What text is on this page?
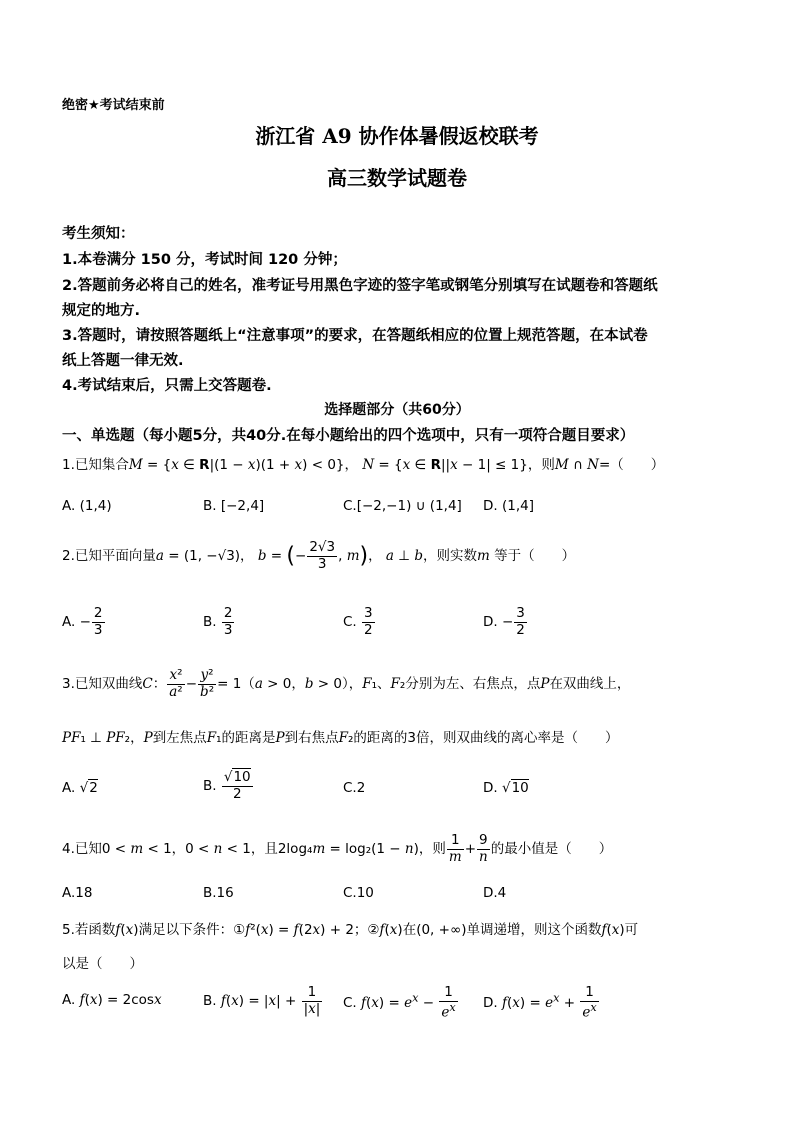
绝密★考试结束前
浙江省 A9 协作体暑假返校联考
高三数学试题卷
考生须知：
1.本卷满分 150 分，考试时间 120 分钟；
2.答题前务必将自己的姓名，准考证号用黑色字迹的签字笔或钢笔分别填写在试题卷和答题纸
规定的地方.
3.答题时，请按照答题纸上“注意事项”的要求，在答题纸相应的位置上规范答题，在本试卷
纸上答题一律无效.
4.考试结束后，只需上交答题卷.
选择题部分（共60分）
一、单选题（每小题5分，共40分.在每小题给出的四个选项中，只有一项符合题目要求）
1.已知集合M = {x ∈ R|(1 − x)(1 + x) < 0}， N = {x ∈ R||x − 1| ≤ 1}，则M ∩ N=（　　）
A. (1,4)	B. [−2,4]	C.[−2,−1) ∪ (1,4] D. (1,4]
2.已知平面向量a = (1, −√3)， b = (− $\frac{2√3}{3}$ , m)， a ⊥ b，则实数m 等于（　　）
A. − $\frac{2}{3}$	B. $\frac{2}{3}$	C. $\frac{3}{2}$	D. − $\frac{3}{2}$
3.已知双曲线C： $\frac{\text{x²}}{\text{a²}} - \frac{\text{y²}}{\text{b²}} = 1(a > 0$，b > 0），F₁、F₂分别为左、右焦点，点P在双曲线上，
PF₁ ⊥ PF₂，P到左焦点F₁的距离是P到右焦点F₂的距离的3倍，则双曲线的离心率是（　　）
A. √2	B. $\frac{√10}{2}$	C.2	D. √10
4.已知0 < m < 1，0 < n < 1，且2log₄m = log₂(1 − n)，则 $\frac{1}{m} + \frac{9}{n}$ 的最小值是（　　）
A.18	B.16	C.10	D.4
5.若函数f(x)满足以下条件：①f²(x) = f(2x) + 2；②f(x)在(0, +∞)单调递增，则这个函数f(x)可
以是（　　）
A. f(x) = 2cosx	B. $f(x) = |x| + \frac{1}{|x|} C$. $f(x) = e^x - \frac{1}{e^x} D$. $f(x) = e^x + \frac{1}{e^x}$
